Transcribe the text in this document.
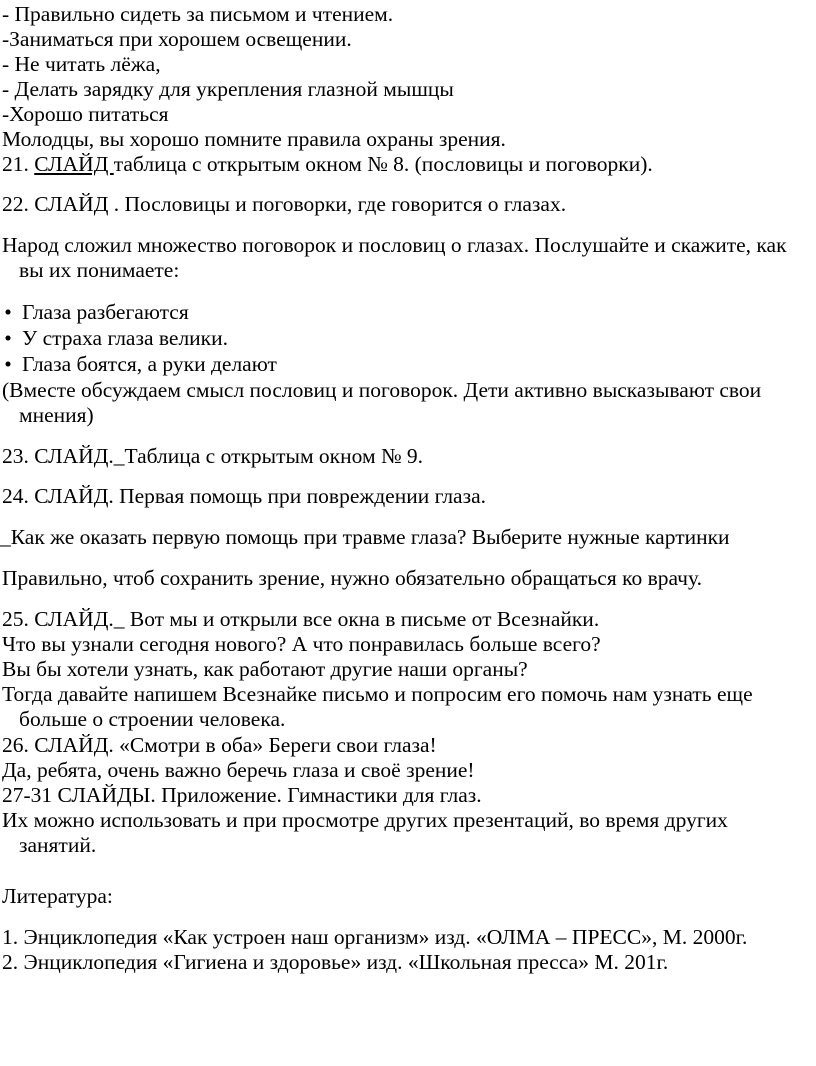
- Правильно сидеть за письмом и чтением.
-Заниматься при хорошем освещении.
- Не читать лёжа,
- Делать зарядку для укрепления глазной мышцы
-Хорошо питаться
Молодцы, вы хорошо помните правила охраны зрения.
21. СЛАЙД таблица с открытым окном № 8. (пословицы и поговорки).
22. СЛАЙД . Пословицы и поговорки, где говорится о глазах.
Народ сложил множество поговорок и пословиц о глазах. Послушайте и скажите, как
вы их понимаете:
• Глаза разбегаются
• У страха глаза велики.
• Глаза боятся, а руки делают
(Вместе обсуждаем смысл пословиц и поговорок. Дети активно высказывают свои
мнения)
23. СЛАЙД._Таблица с открытым окном № 9.
24. СЛАЙД. Первая помощь при повреждении глаза.
_Как же оказать первую помощь при травме глаза? Выберите нужные картинки
Правильно, чтоб сохранить зрение, нужно обязательно обращаться ко врачу.
25. СЛАЙД._ Вот мы и открыли все окна в письме от Всезнайки.
Что вы узнали сегодня нового? А что понравилась больше всего?
Вы бы хотели узнать, как работают другие наши органы?
Тогда давайте напишем Всезнайке письмо и попросим его помочь нам узнать еще
больше о строении человека.
26. СЛАЙД. «Смотри в оба» Береги свои глаза!
Да, ребята, очень важно беречь глаза и своё зрение!
27-31 СЛАЙДЫ. Приложение. Гимнастики для глаз.
Их можно использовать и при просмотре других презентаций, во время других
занятий.
Литература:
1. Энциклопедия «Как устроен наш организм» изд. «ОЛМА – ПРЕСС», М. 2000г.
2. Энциклопедия «Гигиена и здоровье» изд. «Школьная пресса» М. 201г.
